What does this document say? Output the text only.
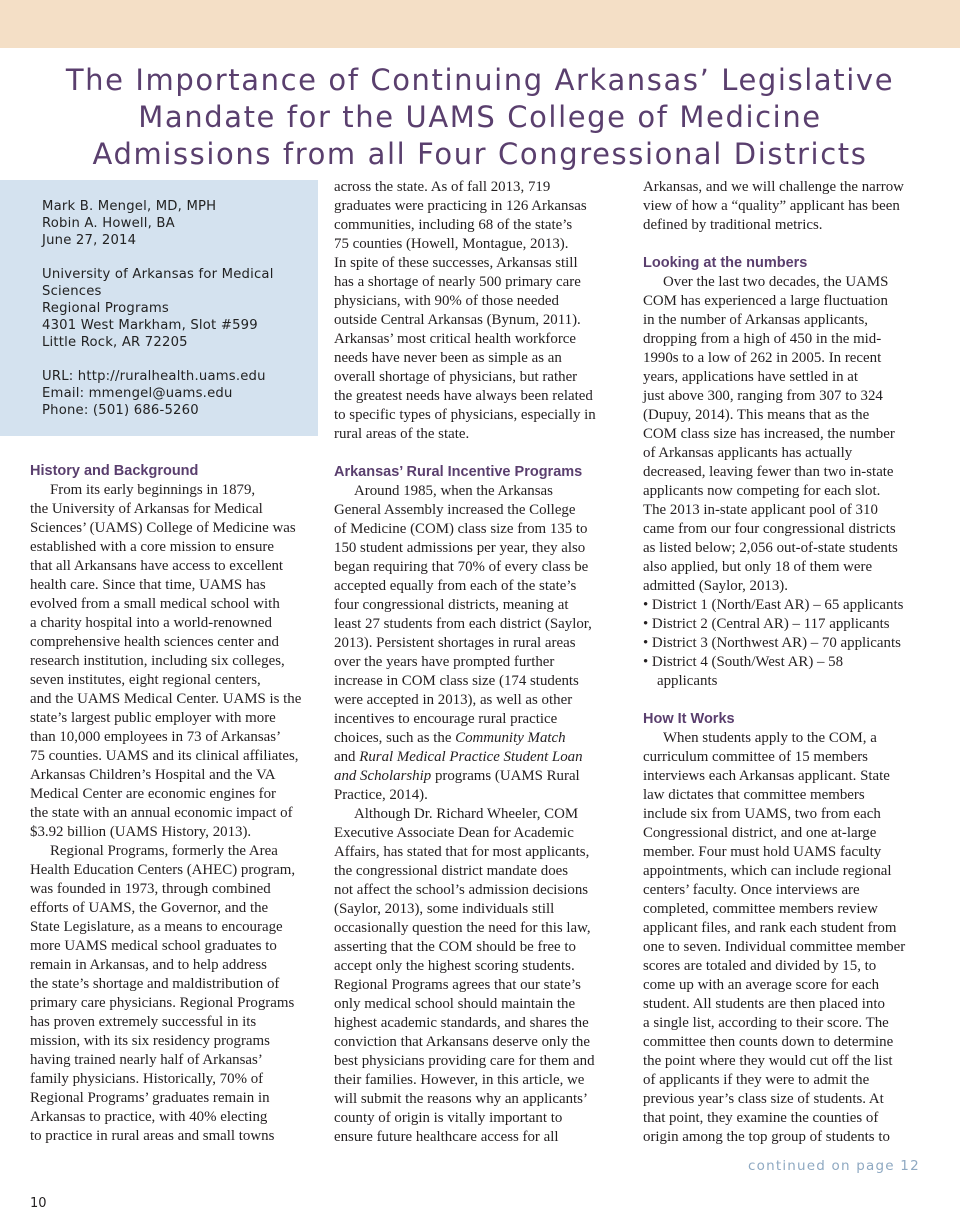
The Importance of Continuing Arkansas’ Legislative
Mandate for the UAMS College of Medicine
Admissions from all Four Congressional Districts
Mark B. Mengel, MD, MPH
Robin A. Howell, BA
June 27, 2014
University of Arkansas for Medical
Sciences
Regional Programs
4301 West Markham, Slot #599
Little Rock, AR 72205
URL: http://ruralhealth.uams.edu
Email: mmengel@uams.edu
Phone: (501) 686-5260
History and Background
From its early beginnings in 1879,
the University of Arkansas for Medical
Sciences’ (UAMS) College of Medicine was
established with a core mission to ensure
that all Arkansans have access to excellent
health care. Since that time, UAMS has
evolved from a small medical school with
a charity hospital into a world-renowned
comprehensive health sciences center and
research institution, including six colleges,
seven institutes, eight regional centers,
and the UAMS Medical Center. UAMS is the
state’s largest public employer with more
than 10,000 employees in 73 of Arkansas’
75 counties. UAMS and its clinical affiliates,
Arkansas Children’s Hospital and the VA
Medical Center are economic engines for
the state with an annual economic impact of
$3.92 billion (UAMS History, 2013).
Regional Programs, formerly the Area
Health Education Centers (AHEC) program,
was founded in 1973, through combined
efforts of UAMS, the Governor, and the
State Legislature, as a means to encourage
more UAMS medical school graduates to
remain in Arkansas, and to help address
the state’s shortage and maldistribution of
primary care physicians. Regional Programs
has proven extremely successful in its
mission, with its six residency programs
having trained nearly half of Arkansas’
family physicians. Historically, 70% of
Regional Programs’ graduates remain in
Arkansas to practice, with 40% electing
to practice in rural areas and small towns
across the state. As of fall 2013, 719
graduates were practicing in 126 Arkansas
communities, including 68 of the state’s
75 counties (Howell, Montague, 2013).
In spite of these successes, Arkansas still
has a shortage of nearly 500 primary care
physicians, with 90% of those needed
outside Central Arkansas (Bynum, 2011).
Arkansas’ most critical health workforce
needs have never been as simple as an
overall shortage of physicians, but rather
the greatest needs have always been related
to specific types of physicians, especially in
rural areas of the state.
Arkansas’ Rural Incentive Programs
Around 1985, when the Arkansas
General Assembly increased the College
of Medicine (COM) class size from 135 to
150 student admissions per year, they also
began requiring that 70% of every class be
accepted equally from each of the state’s
four congressional districts, meaning at
least 27 students from each district (Saylor,
2013). Persistent shortages in rural areas
over the years have prompted further
increase in COM class size (174 students
were accepted in 2013), as well as other
incentives to encourage rural practice
choices, such as the Community Match
and Rural Medical Practice Student Loan
and Scholarship programs (UAMS Rural
Practice, 2014).
Although Dr. Richard Wheeler, COM
Executive Associate Dean for Academic
Affairs, has stated that for most applicants,
the congressional district mandate does
not affect the school’s admission decisions
(Saylor, 2013), some individuals still
occasionally question the need for this law,
asserting that the COM should be free to
accept only the highest scoring students.
Regional Programs agrees that our state’s
only medical school should maintain the
highest academic standards, and shares the
conviction that Arkansans deserve only the
best physicians providing care for them and
their families. However, in this article, we
will submit the reasons why an applicants’
county of origin is vitally important to
ensure future healthcare access for all
Arkansas, and we will challenge the narrow
view of how a “quality” applicant has been
defined by traditional metrics.
Looking at the numbers
Over the last two decades, the UAMS
COM has experienced a large fluctuation
in the number of Arkansas applicants,
dropping from a high of 450 in the mid-
1990s to a low of 262 in 2005. In recent
years, applications have settled in at
just above 300, ranging from 307 to 324
(Dupuy, 2014). This means that as the
COM class size has increased, the number
of Arkansas applicants has actually
decreased, leaving fewer than two in-state
applicants now competing for each slot.
The 2013 in-state applicant pool of 310
came from our four congressional districts
as listed below; 2,056 out-of-state students
also applied, but only 18 of them were
admitted (Saylor, 2013).
• District 1 (North/East AR) – 65 applicants
• District 2 (Central AR) – 117 applicants
• District 3 (Northwest AR) – 70 applicants
• District 4 (South/West AR) – 58
applicants
How It Works
When students apply to the COM, a
curriculum committee of 15 members
interviews each Arkansas applicant. State
law dictates that committee members
include six from UAMS, two from each
Congressional district, and one at-large
member. Four must hold UAMS faculty
appointments, which can include regional
centers’ faculty. Once interviews are
completed, committee members review
applicant files, and rank each student from
one to seven. Individual committee member
scores are totaled and divided by 15, to
come up with an average score for each
student. All students are then placed into
a single list, according to their score. The
committee then counts down to determine
the point where they would cut off the list
of applicants if they were to admit the
previous year’s class size of students. At
that point, they examine the counties of
origin among the top group of students to
continued on page 12
10
